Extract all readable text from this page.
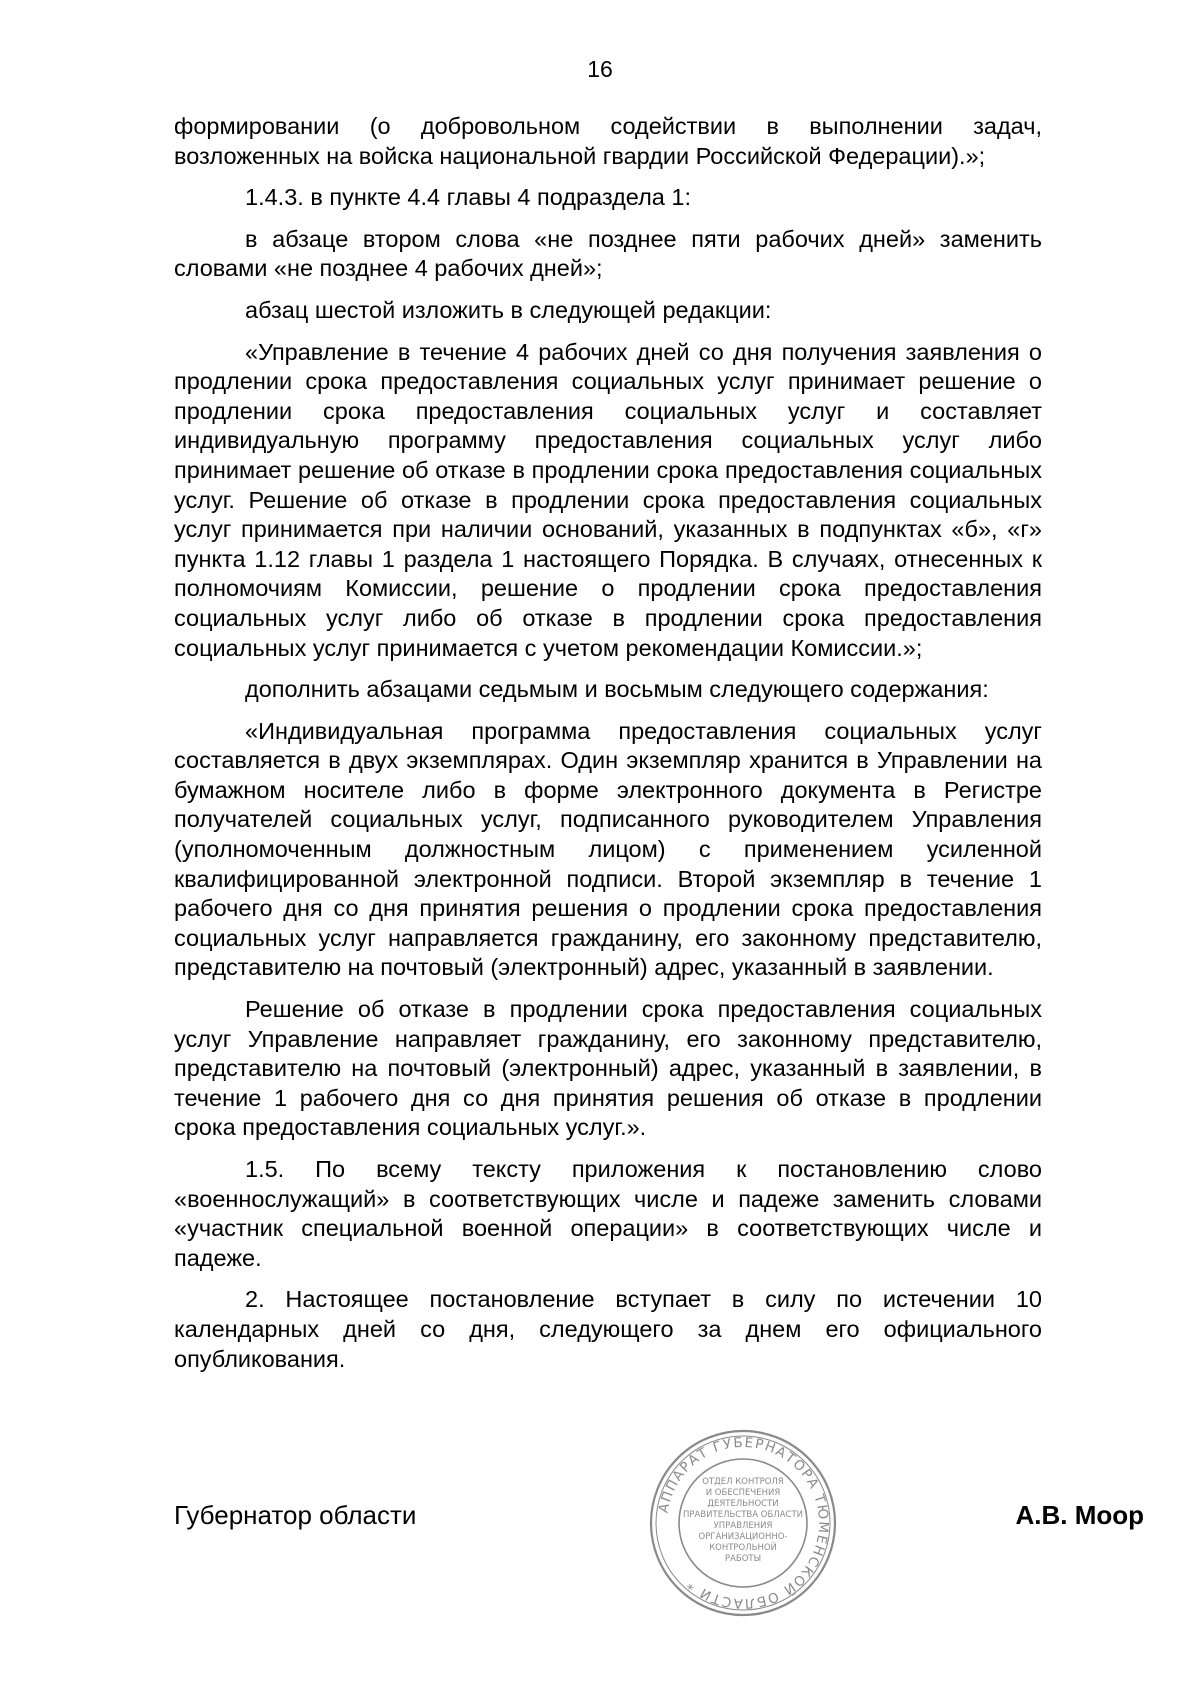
16

формировании (о добровольном содействии в выполнении задач, возложенных на войска национальной гвардии Российской Федерации).»;

1.4.3. в пункте 4.4 главы 4 подраздела 1:

в абзаце втором слова «не позднее пяти рабочих дней» заменить словами «не позднее 4 рабочих дней»;

абзац шестой изложить в следующей редакции:

«Управление в течение 4 рабочих дней со дня получения заявления о продлении срока предоставления социальных услуг принимает решение о продлении срока предоставления социальных услуг и составляет индивидуальную программу предоставления социальных услуг либо принимает решение об отказе в продлении срока предоставления социальных услуг. Решение об отказе в продлении срока предоставления социальных услуг принимается при наличии оснований, указанных в подпунктах «б», «г» пункта 1.12 главы 1 раздела 1 настоящего Порядка. В случаях, отнесенных к полномочиям Комиссии, решение о продлении срока предоставления социальных услуг либо об отказе в продлении срока предоставления социальных услуг принимается с учетом рекомендации Комиссии.»;

дополнить абзацами седьмым и восьмым следующего содержания:

«Индивидуальная программа предоставления социальных услуг составляется в двух экземплярах. Один экземпляр хранится в Управлении на бумажном носителе либо в форме электронного документа в Регистре получателей социальных услуг, подписанного руководителем Управления (уполномоченным должностным лицом) с применением усиленной квалифицированной электронной подписи. Второй экземпляр в течение 1 рабочего дня со дня принятия решения о продлении срока предоставления социальных услуг направляется гражданину, его законному представителю, представителю на почтовый (электронный) адрес, указанный в заявлении.

Решение об отказе в продлении срока предоставления социальных услуг Управление направляет гражданину, его законному представителю, представителю на почтовый (электронный) адрес, указанный в заявлении, в течение 1 рабочего дня со дня принятия решения об отказе в продлении срока предоставления социальных услуг.».

1.5. По всему тексту приложения к постановлению слово «военнослужащий» в соответствующих числе и падеже заменить словами «участник специальной военной операции» в соответствующих числе и падеже.

2. Настоящее постановление вступает в силу по истечении 10 календарных дней со дня, следующего за днем его официального опубликования.

Губернатор области	А.В. Моор
АППАРАТ ГУБЕРНАТОРА ТЮМЕНСКОЙ ОБЛАСТИ *
ОТДЕЛ КОНТРОЛЯ
И ОБЕСПЕЧЕНИЯ
ДЕЯТЕЛЬНОСТИ
ПРАВИТЕЛЬСТВА ОБЛАСТИ
УПРАВЛЕНИЯ
ОРГАНИЗАЦИОННО-
КОНТРОЛЬНОЙ
РАБОТЫ
